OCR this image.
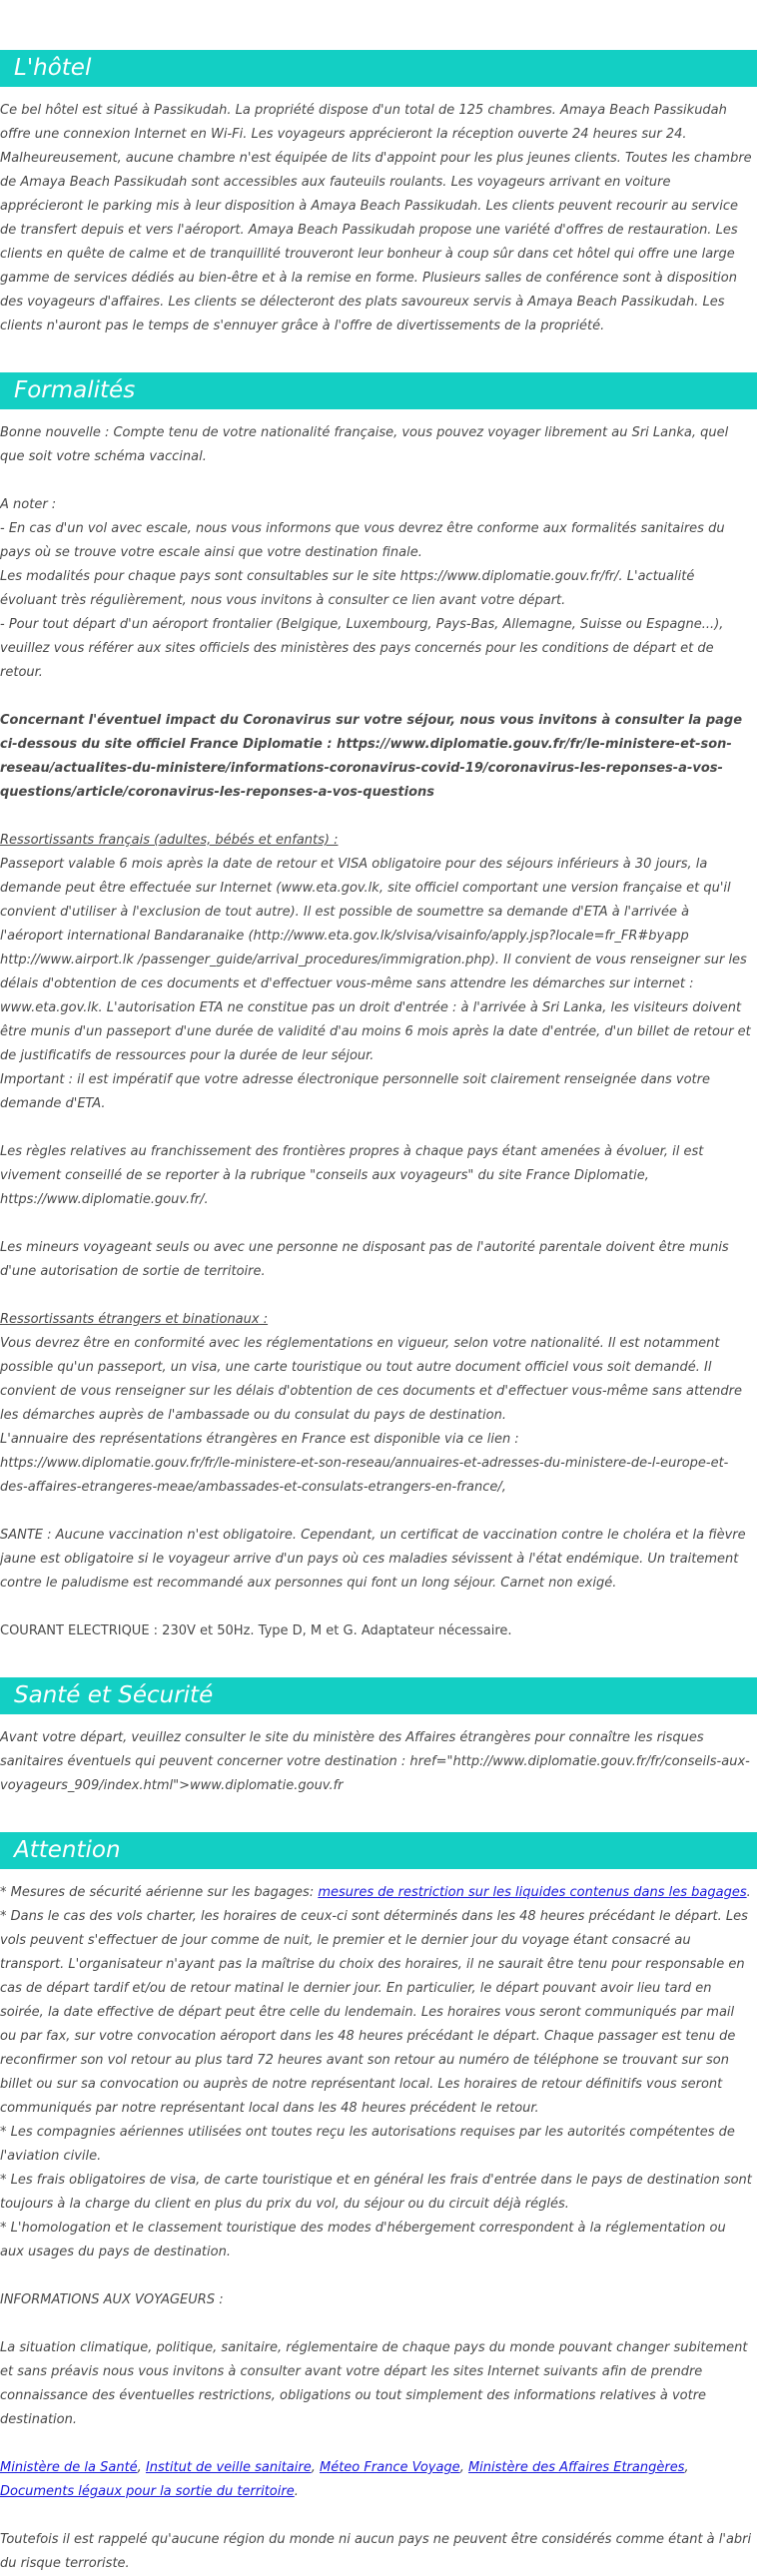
L'hôtel

Ce bel hôtel est situé à Passikudah. La propriété dispose d'un total de 125 chambres. Amaya Beach Passikudah offre une connexion Internet en Wi-Fi. Les voyageurs apprécieront la réception ouverte 24 heures sur 24. Malheureusement, aucune chambre n'est équipée de lits d'appoint pour les plus jeunes clients. Toutes les chambre de Amaya Beach Passikudah sont accessibles aux fauteuils roulants. Les voyageurs arrivant en voiture apprécieront le parking mis à leur disposition à Amaya Beach Passikudah. Les clients peuvent recourir au service de transfert depuis et vers l'aéroport. Amaya Beach Passikudah propose une variété d'offres de restauration. Les clients en quête de calme et de tranquillité trouveront leur bonheur à coup sûr dans cet hôtel qui offre une large gamme de services dédiés au bien-être et à la remise en forme. Plusieurs salles de conférence sont à disposition des voyageurs d'affaires. Les clients se délecteront des plats savoureux servis à Amaya Beach Passikudah. Les clients n'auront pas le temps de s'ennuyer grâce à l'offre de divertissements de la propriété.

Formalités

Bonne nouvelle : Compte tenu de votre nationalité française, vous pouvez voyager librement au Sri Lanka, quel que soit votre schéma vaccinal.

A noter :

- En cas d'un vol avec escale, nous vous informons que vous devrez être conforme aux formalités sanitaires du pays où se trouve votre escale ainsi que votre destination finale.

Les modalités pour chaque pays sont consultables sur le site https://www.diplomatie.gouv.fr/fr/. L'actualité évoluant très régulièrement, nous vous invitons à consulter ce lien avant votre départ.

- Pour tout départ d'un aéroport frontalier (Belgique, Luxembourg, Pays-Bas, Allemagne, Suisse ou Espagne...), veuillez vous référer aux sites officiels des ministères des pays concernés pour les conditions de départ et de retour.

Concernant l'éventuel impact du Coronavirus sur votre séjour, nous vous invitons à consulter la page ci-dessous du site officiel France Diplomatie : https://www.diplomatie.gouv.fr/fr/le-ministere-et-son-reseau/actualites-du-ministere/informations-coronavirus-covid-19/coronavirus-les-reponses-a-vos-questions/article/coronavirus-les-reponses-a-vos-questions

Ressortissants français (adultes, bébés et enfants) :

Passeport valable 6 mois après la date de retour et VISA obligatoire pour des séjours inférieurs à 30 jours, la demande peut être effectuée sur Internet (www.eta.gov.lk, site officiel comportant une version française et qu'il convient d'utiliser à l'exclusion de tout autre). Il est possible de soumettre sa demande d'ETA à l'arrivée à l'aéroport international Bandaranaike (http://www.eta.gov.lk/slvisa/visainfo/apply.jsp?locale=fr_FR#byapp http://www.airport.lk /passenger_guide/arrival_procedures/immigration.php). Il convient de vous renseigner sur les délais d'obtention de ces documents et d'effectuer vous-même sans attendre les démarches sur internet : www.eta.gov.lk. L'autorisation ETA ne constitue pas un droit d'entrée : à l'arrivée à Sri Lanka, les visiteurs doivent être munis d'un passeport d'une durée de validité d'au moins 6 mois après la date d'entrée, d'un billet de retour et de justificatifs de ressources pour la durée de leur séjour.

Important : il est impératif que votre adresse électronique personnelle soit clairement renseignée dans votre demande d'ETA.

Les règles relatives au franchissement des frontières propres à chaque pays étant amenées à évoluer, il est vivement conseillé de se reporter à la rubrique "conseils aux voyageurs" du site France Diplomatie, https://www.diplomatie.gouv.fr/.

Les mineurs voyageant seuls ou avec une personne ne disposant pas de l'autorité parentale doivent être munis d'une autorisation de sortie de territoire.

Ressortissants étrangers et binationaux :

Vous devrez être en conformité avec les réglementations en vigueur, selon votre nationalité. Il est notamment possible qu'un passeport, un visa, une carte touristique ou tout autre document officiel vous soit demandé. Il convient de vous renseigner sur les délais d'obtention de ces documents et d'effectuer vous-même sans attendre les démarches auprès de l'ambassade ou du consulat du pays de destination.

L'annuaire des représentations étrangères en France est disponible via ce lien : https://www.diplomatie.gouv.fr/fr/le-ministere-et-son-reseau/annuaires-et-adresses-du-ministere-de-l-europe-et-des-affaires-etrangeres-meae/ambassades-et-consulats-etrangers-en-france/,

SANTE : Aucune vaccination n'est obligatoire. Cependant, un certificat de vaccination contre le choléra et la fièvre jaune est obligatoire si le voyageur arrive d'un pays où ces maladies sévissent à l'état endémique. Un traitement contre le paludisme est recommandé aux personnes qui font un long séjour. Carnet non exigé.

COURANT ELECTRIQUE : 230V et 50Hz. Type D, M et G. Adaptateur nécessaire.

Santé et Sécurité

Avant votre départ, veuillez consulter le site du ministère des Affaires étrangères pour connaître les risques sanitaires éventuels qui peuvent concerner votre destination : href="http://www.diplomatie.gouv.fr/fr/conseils-aux-voyageurs_909/index.html">www.diplomatie.gouv.fr

Attention

* Mesures de sécurité aérienne sur les bagages: mesures de restriction sur les liquides contenus dans les bagages.

* Dans le cas des vols charter, les horaires de ceux-ci sont déterminés dans les 48 heures précédant le départ. Les vols peuvent s'effectuer de jour comme de nuit, le premier et le dernier jour du voyage étant consacré au transport. L'organisateur n'ayant pas la maîtrise du choix des horaires, il ne saurait être tenu pour responsable en cas de départ tardif et/ou de retour matinal le dernier jour. En particulier, le départ pouvant avoir lieu tard en soirée, la date effective de départ peut être celle du lendemain. Les horaires vous seront communiqués par mail ou par fax, sur votre convocation aéroport dans les 48 heures précédant le départ. Chaque passager est tenu de reconfirmer son vol retour au plus tard 72 heures avant son retour au numéro de téléphone se trouvant sur son billet ou sur sa convocation ou auprès de notre représentant local. Les horaires de retour définitifs vous seront communiqués par notre représentant local dans les 48 heures précédent le retour.

* Les compagnies aériennes utilisées ont toutes reçu les autorisations requises par les autorités compétentes de l'aviation civile.

* Les frais obligatoires de visa, de carte touristique et en général les frais d'entrée dans le pays de destination sont toujours à la charge du client en plus du prix du vol, du séjour ou du circuit déjà réglés.

* L'homologation et le classement touristique des modes d'hébergement correspondent à la réglementation ou aux usages du pays de destination.

INFORMATIONS AUX VOYAGEURS :

La situation climatique, politique, sanitaire, réglementaire de chaque pays du monde pouvant changer subitement et sans préavis nous vous invitons à consulter avant votre départ les sites Internet suivants afin de prendre connaissance des éventuelles restrictions, obligations ou tout simplement des informations relatives à votre destination.

Ministère de la Santé, Institut de veille sanitaire, Méteo France Voyage, Ministère des Affaires Etrangères, Documents légaux pour la sortie du territoire.

Toutefois il est rappelé qu'aucune région du monde ni aucun pays ne peuvent être considérés comme étant à l'abri du risque terroriste.
